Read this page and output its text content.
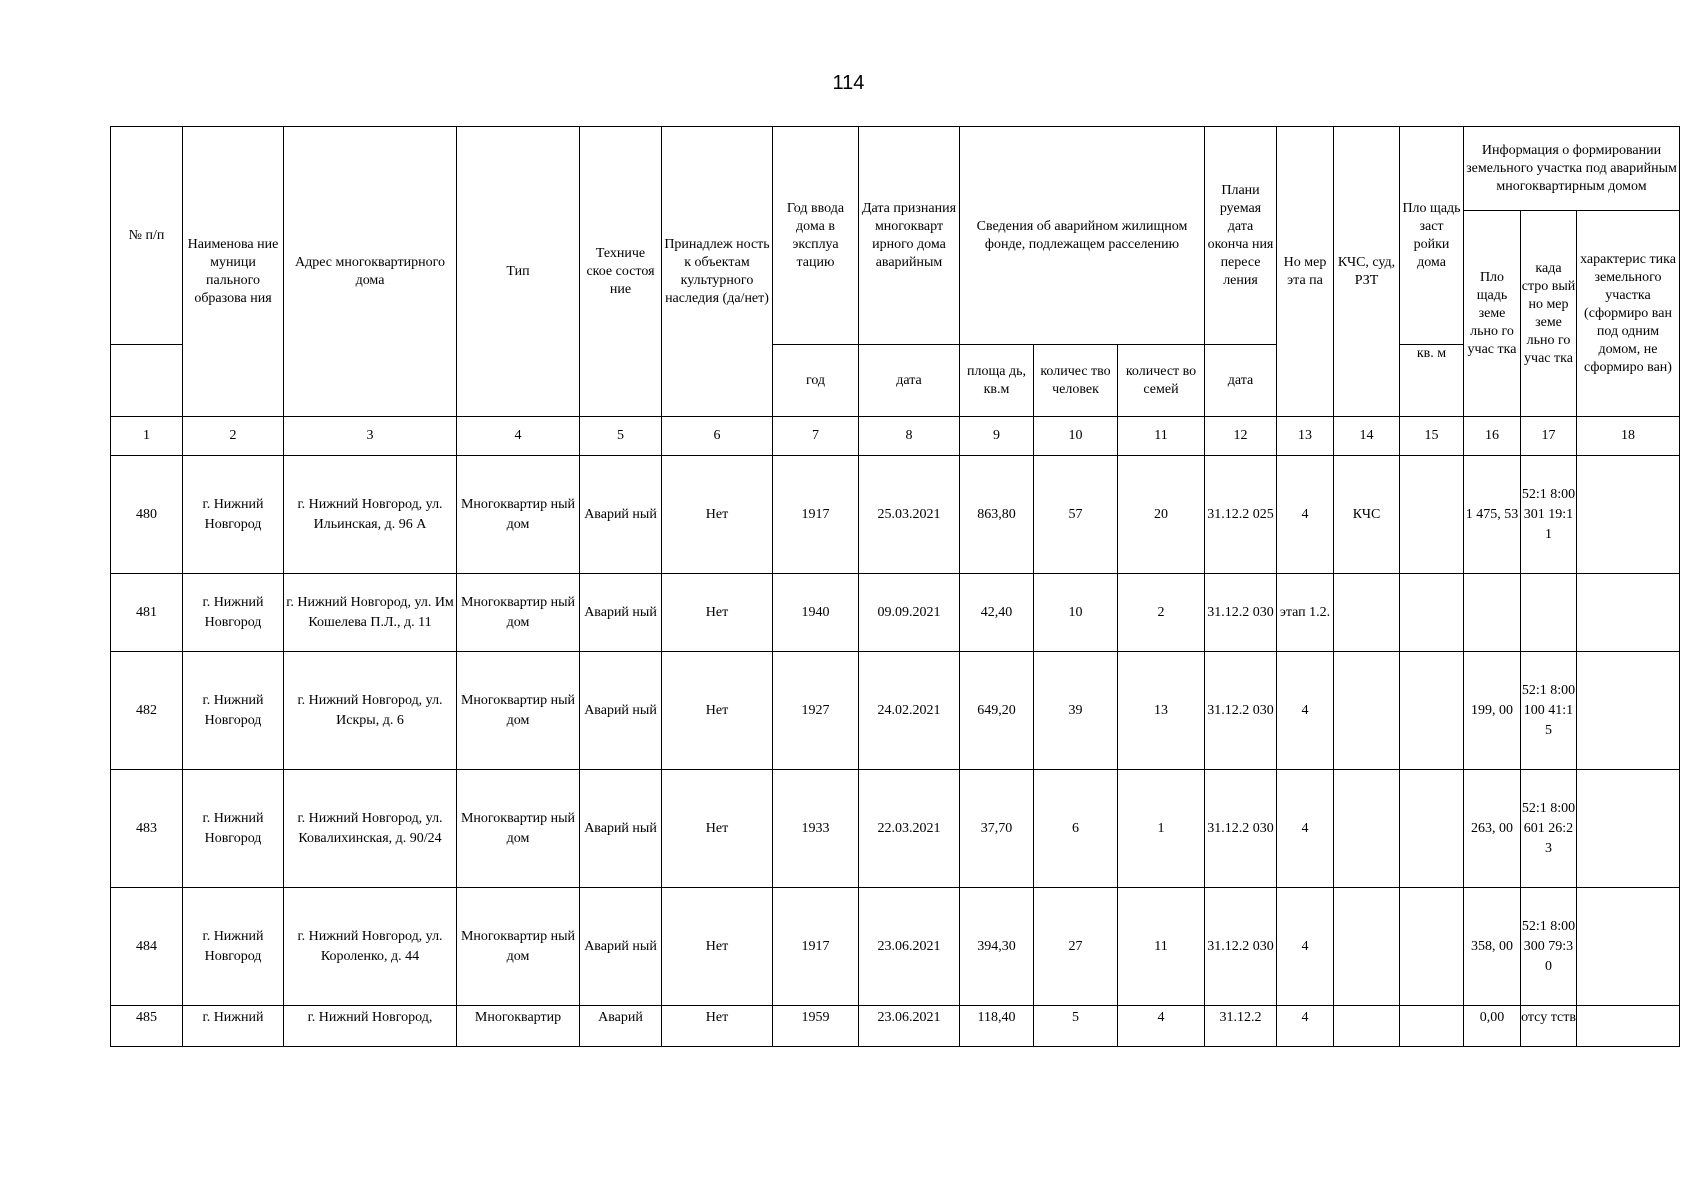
114
№ п/п	Наименова ние муници пального образова ния	Адрес многоквартирного дома	Тип	Техниче ское состоя ние	Принадлеж ность к объектам культурного наследия (да/нет)	Год ввода дома в эксплуа тацию	Дата признания многокварт ирного дома аварийным	Сведения об аварийном жилищном фонде, подлежащем расселению			Плани руемая дата оконча ния пересе ления	Но мер эта па	КЧС, суд, РЗТ	Пло щадь заст ройки дома	Информация о формировании земельного участка под аварийным многоквартирным домом		
															Пло щадь земе льно го учас тка	када стро вый но мер земе льно го учас тка	характерис тика земельного участка (сформиро ван под одним домом, не сформиро ван)
						год	дата	площа дь, кв.м	количес тво человек	количест во семей	дата			кв. м			
1	2	3	4	5	6	7	8	9	10	11	12	13	14	15	16	17	18
480	г. Нижний Новгород	г. Нижний Новгород, ул. Ильинская, д. 96 А	Многоквартир ный дом	Аварий ный	Нет	1917	25.03.2021	863,80	57	20	31.12.2 025	4	КЧС		1 475, 53	52:1 8:00 301 19:1 1	
481	г. Нижний Новгород	г. Нижний Новгород, ул. Им Кошелева П.Л., д. 11	Многоквартир ный дом	Аварий ный	Нет	1940	09.09.2021	42,40	10	2	31.12.2 030	этап 1.2.					
482	г. Нижний Новгород	г. Нижний Новгород, ул. Искры, д. 6	Многоквартир ный дом	Аварий ный	Нет	1927	24.02.2021	649,20	39	13	31.12.2 030	4			199, 00	52:1 8:00 100 41:1 5	
483	г. Нижний Новгород	г. Нижний Новгород, ул. Ковалихинская, д. 90/24	Многоквартир ный дом	Аварий ный	Нет	1933	22.03.2021	37,70	6	1	31.12.2 030	4			263, 00	52:1 8:00 601 26:2 3	
484	г. Нижний Новгород	г. Нижний Новгород, ул. Короленко, д. 44	Многоквартир ный дом	Аварий ный	Нет	1917	23.06.2021	394,30	27	11	31.12.2 030	4			358, 00	52:1 8:00 300 79:3 0	
485	г. Нижний	г. Нижний Новгород,	Многоквартир	Аварий	Нет	1959	23.06.2021	118,40	5	4	31.12.2	4			0,00	отсу тств	
